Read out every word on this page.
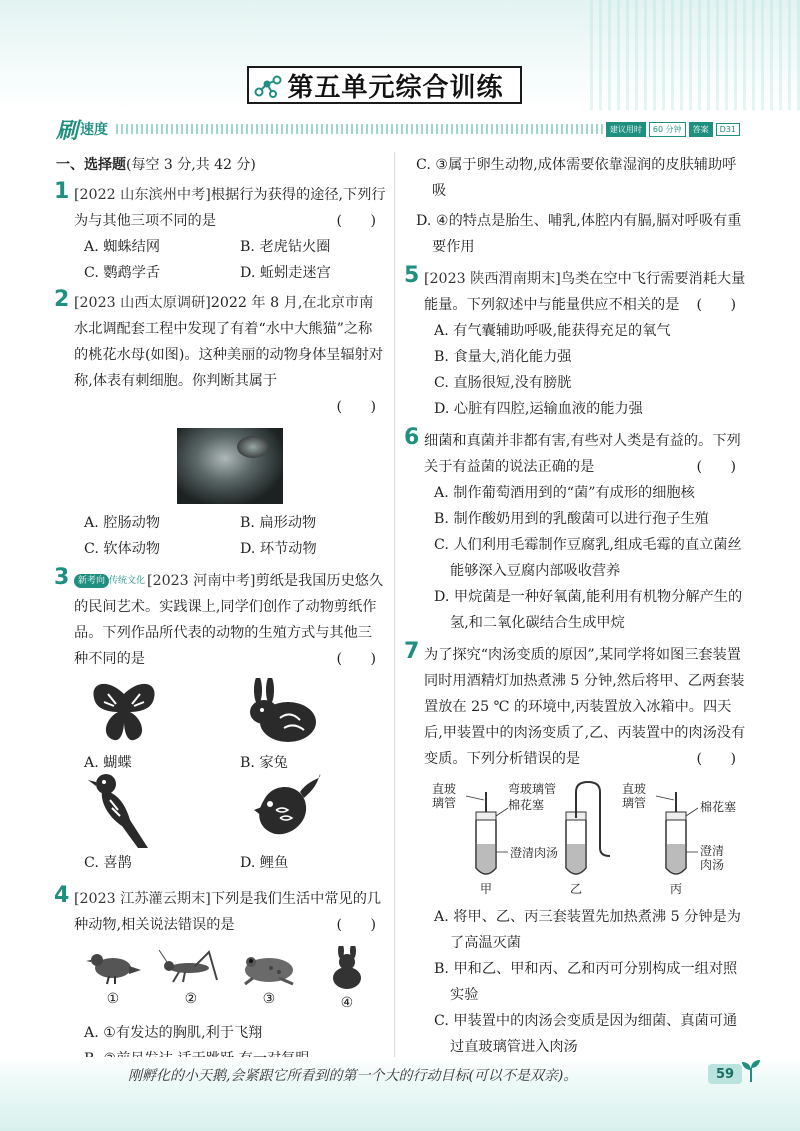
第五单元综合训练
刷 速度	建议用时	60 分钟	答案	D31
一、选择题(每空 3 分,共 42 分)
1 [2022 山东滨州中考]根据行为获得的途径,下列行为与其他三项不同的是	(　　)
A. 蜘蛛结网	B. 老虎钻火圈
C. 鹦鹉学舌	D. 蚯蚓走迷宫
2 [2023 山西太原调研]2022 年 8 月,在北京市南水北调配套工程中发现了有着“水中大熊猫”之称的桃花水母(如图)。这种美丽的动物身体呈辐射对称,体表有刺细胞。你判断其属于
(　　)
A. 腔肠动物	B. 扁形动物
C. 软体动物	D. 环节动物
3 新考向 传统文化 [2023 河南中考]剪纸是我国历史悠久的民间艺术。实践课上,同学们创作了动物剪纸作品。下列作品所代表的动物的生殖方式与其他三种不同的是	(　　)
A. 蝴蝶	B. 家兔
C. 喜鹊	D. 鲤鱼
4 [2023 江苏灌云期末]下列是我们生活中常见的几种动物,相关说法错误的是	(　　)
①	②	③	④
A. ①有发达的胸肌,利于飞翔
C. ③属于卵生动物,成体需要依靠湿润的皮肤辅助呼吸
D. ④的特点是胎生、哺乳,体腔内有膈,膈对呼吸有重要作用
5 [2023 陕西渭南期末]鸟类在空中飞行需要消耗大量能量。下列叙述中与能量供应不相关的是 (　　)
A. 有气囊辅助呼吸,能获得充足的氧气
B. 食量大,消化能力强
C. 直肠很短,没有膀胱
D. 心脏有四腔,运输血液的能力强
6 细菌和真菌并非都有害,有些对人类是有益的。下列关于有益菌的说法正确的是	(　　)
A. 制作葡萄酒用到的“菌”有成形的细胞核
B. 制作酸奶用到的乳酸菌可以进行孢子生殖
C. 人们利用毛霉制作豆腐乳,组成毛霉的直立菌丝能够深入豆腐内部吸收营养
D. 甲烷菌是一种好氧菌,能利用有机物分解产生的氢,和二氧化碳结合生成甲烷
7 为了探究“肉汤变质的原因”,某同学将如图三套装置同时用酒精灯加热煮沸 5 分钟,然后将甲、乙两套装置放在 25 ℃ 的环境中,丙装置放入冰箱中。四天后,甲装置中的肉汤变质了,乙、丙装置中的肉汤没有变质。下列分析错误的是	(　　)
直玻
璃管
弯玻璃管
棉花塞
澄清肉汤
直玻
璃管	棉花塞
澄清
肉汤
甲	乙	丙
A. 将甲、乙、丙三套装置先加热煮沸 5 分钟是为了高温灭菌
B. 甲和乙、甲和丙、乙和丙可分别构成一组对照实验
C. 甲装置中的肉汤会变质是因为细菌、真菌可通过直玻璃管进入肉汤
刚孵化的小天鹅,会紧跟它所看到的第一个大的行动目标(可以不是双亲)。	59
